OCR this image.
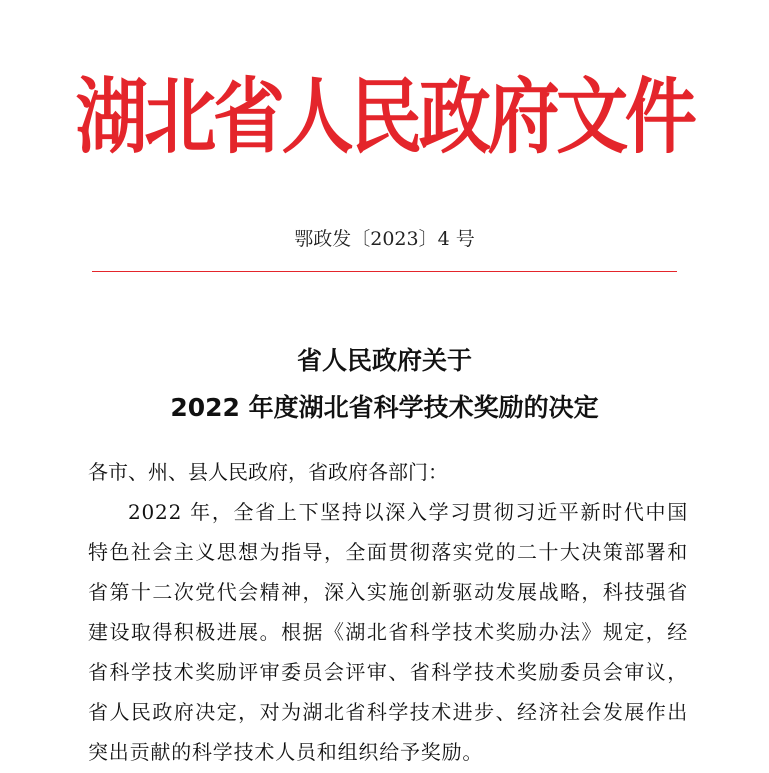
湖北省人民政府文件
鄂政发〔2023〕4 号
省人民政府关于
2022 年度湖北省科学技术奖励的决定
各市、州、县人民政府，省政府各部门：
2022 年，全省上下坚持以深入学习贯彻习近平新时代中国特色社会主义思想为指导，全面贯彻落实党的二十大决策部署和省第十二次党代会精神，深入实施创新驱动发展战略，科技强省建设取得积极进展。根据《湖北省科学技术奖励办法》规定，经省科学技术奖励评审委员会评审、省科学技术奖励委员会审议，省人民政府决定，对为湖北省科学技术进步、经济社会发展作出突出贡献的科学技术人员和组织给予奖励。
